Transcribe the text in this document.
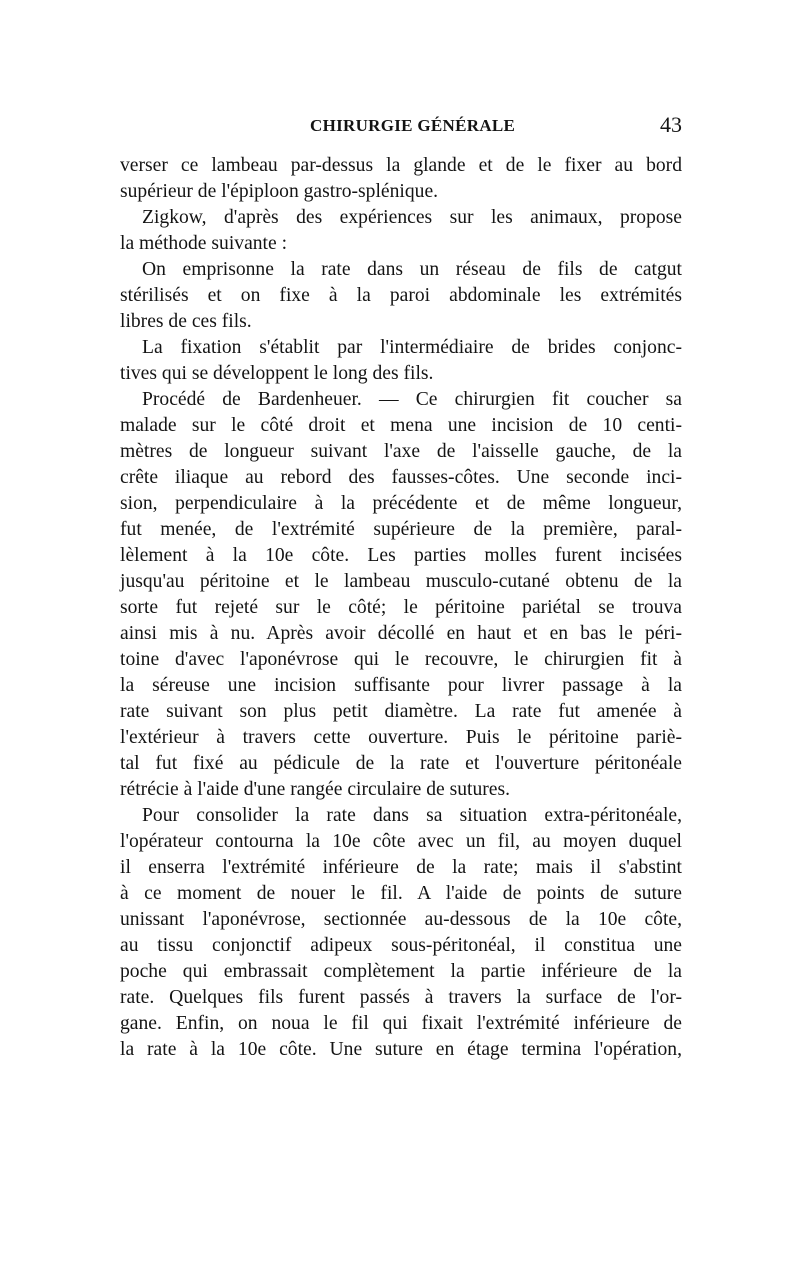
CHIRURGIE GÉNÉRALE	43
verser ce lambeau par-dessus la glande et de le fixer au bord
supérieur de l'épiploon gastro-splénique.
Zigkow, d'après des expériences sur les animaux, propose
la méthode suivante :
On emprisonne la rate dans un réseau de fils de catgut
stérilisés et on fixe à la paroi abdominale les extrémités
libres de ces fils.
La fixation s'établit par l'intermédiaire de brides conjonc-
tives qui se développent le long des fils.
Procédé de Bardenheuer. — Ce chirurgien fit coucher sa
malade sur le côté droit et mena une incision de 10 centi-
mètres de longueur suivant l'axe de l'aisselle gauche, de la
crête iliaque au rebord des fausses-côtes. Une seconde inci-
sion, perpendiculaire à la précédente et de même longueur,
fut menée, de l'extrémité supérieure de la première, paral-
lèlement à la 10e côte. Les parties molles furent incisées
jusqu'au péritoine et le lambeau musculo-cutané obtenu de la
sorte fut rejeté sur le côté; le péritoine pariétal se trouva
ainsi mis à nu. Après avoir décollé en haut et en bas le péri-
toine d'avec l'aponévrose qui le recouvre, le chirurgien fit à
la séreuse une incision suffisante pour livrer passage à la
rate suivant son plus petit diamètre. La rate fut amenée à
l'extérieur à travers cette ouverture. Puis le péritoine pariè-
tal fut fixé au pédicule de la rate et l'ouverture péritonéale
rétrécie à l'aide d'une rangée circulaire de sutures.
Pour consolider la rate dans sa situation extra-péritonéale,
l'opérateur contourna la 10e côte avec un fil, au moyen duquel
il enserra l'extrémité inférieure de la rate; mais il s'abstint
à ce moment de nouer le fil. A l'aide de points de suture
unissant l'aponévrose, sectionnée au-dessous de la 10e côte,
au tissu conjonctif adipeux sous-péritonéal, il constitua une
poche qui embrassait complètement la partie inférieure de la
rate. Quelques fils furent passés à travers la surface de l'or-
gane. Enfin, on noua le fil qui fixait l'extrémité inférieure de
la rate à la 10e côte. Une suture en étage termina l'opération,
